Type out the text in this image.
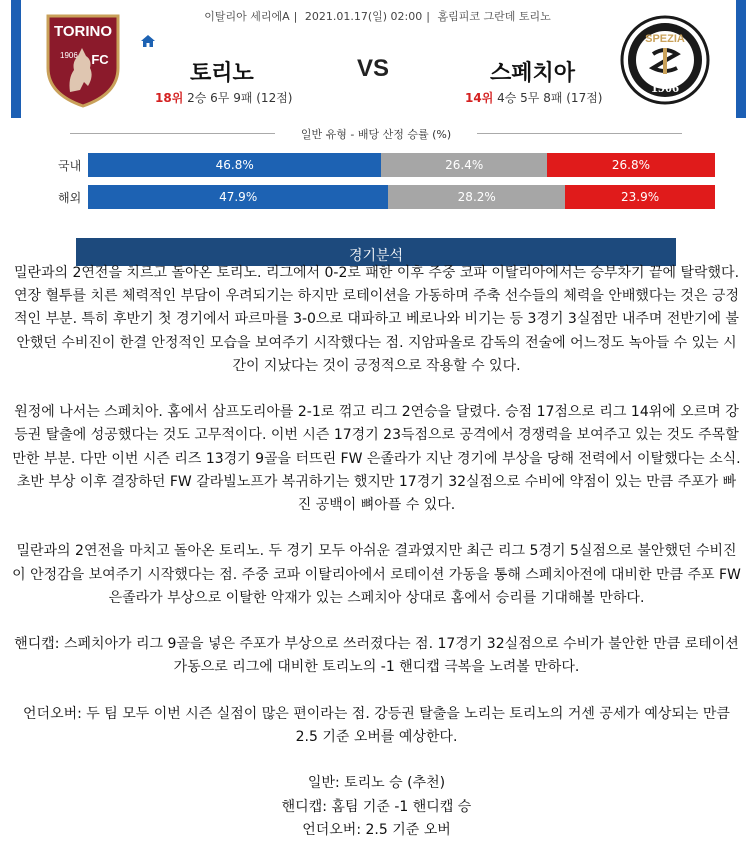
이탈리아 세리에A | 2021.01.17(일) 02:00 | 홈림피코 그란데 토리노
TORINO
1906 FC
토리노	VS	스페치아
18위 2승 6무 9패 (12점)	14위 4승 5무 8패 (17점)
SPEZIA
1906
일반 유형 - 배당 산정 승률 (%)
국내	46.8%	26.4%	26.8%
해외	47.9%	28.2%	23.9%
경기분석

밀란과의 2연전을 치르고 돌아온 토리노. 리그에서 0-2로 패한 이후 주중 코파 이탈리아에서는 승부차기 끝에 탈락했다. 연장 혈투를 치른 체력적인 부담이 우려되기는 하지만 로테이션을 가동하며 주축 선수들의 체력을 안배했다는 것은 긍정적인 부분. 특히 후반기 첫 경기에서 파르마를 3-0으로 대파하고 베로나와 비기는 등 3경기 3실점만 내주며 전반기에 불안했던 수비진이 한결 안정적인 모습을 보여주기 시작했다는 점. 지암파올로 감독의 전술에 어느정도 녹아들 수 있는 시간이 지났다는 것이 긍정적으로 작용할 수 있다.

원정에 나서는 스페치아. 홈에서 삼프도리아를 2-1로 꺾고 리그 2연승을 달렸다. 승점 17점으로 리그 14위에 오르며 강등권 탈출에 성공했다는 것도 고무적이다. 이번 시즌 17경기 23득점으로 공격에서 경쟁력을 보여주고 있는 것도 주목할 만한 부분. 다만 이번 시즌 리즈 13경기 9골을 터뜨린 FW 은졸라가 지난 경기에 부상을 당해 전력에서 이탈했다는 소식. 초반 부상 이후 결장하던 FW 갈라빌노프가 복귀하기는 했지만 17경기 32실점으로 수비에 약점이 있는 만큼 주포가 빠진 공백이 뼈아플 수 있다.

밀란과의 2연전을 마치고 돌아온 토리노. 두 경기 모두 아쉬운 결과였지만 최근 리그 5경기 5실점으로 불안했던 수비진이 안정감을 보여주기 시작했다는 점. 주중 코파 이탈리아에서 로테이션 가동을 통해 스페치아전에 대비한 만큼 주포 FW 은졸라가 부상으로 이탈한 악재가 있는 스페치아 상대로 홈에서 승리를 기대해볼 만하다.

핸디캡: 스페치아가 리그 9골을 넣은 주포가 부상으로 쓰러졌다는 점. 17경기 32실점으로 수비가 불안한 만큼 로테이션 가동으로 리그에 대비한 토리노의 -1 핸디캡 극복을 노려볼 만하다.

언더오버: 두 팀 모두 이번 시즌 실점이 많은 편이라는 점. 강등권 탈출을 노리는 토리노의 거센 공세가 예상되는 만큼 2.5 기준 오버를 예상한다.

일반: 토리노 승 (추천)
핸디캡: 홈팀 기준 -1 핸디캡 승
언더오버: 2.5 기준 오버
